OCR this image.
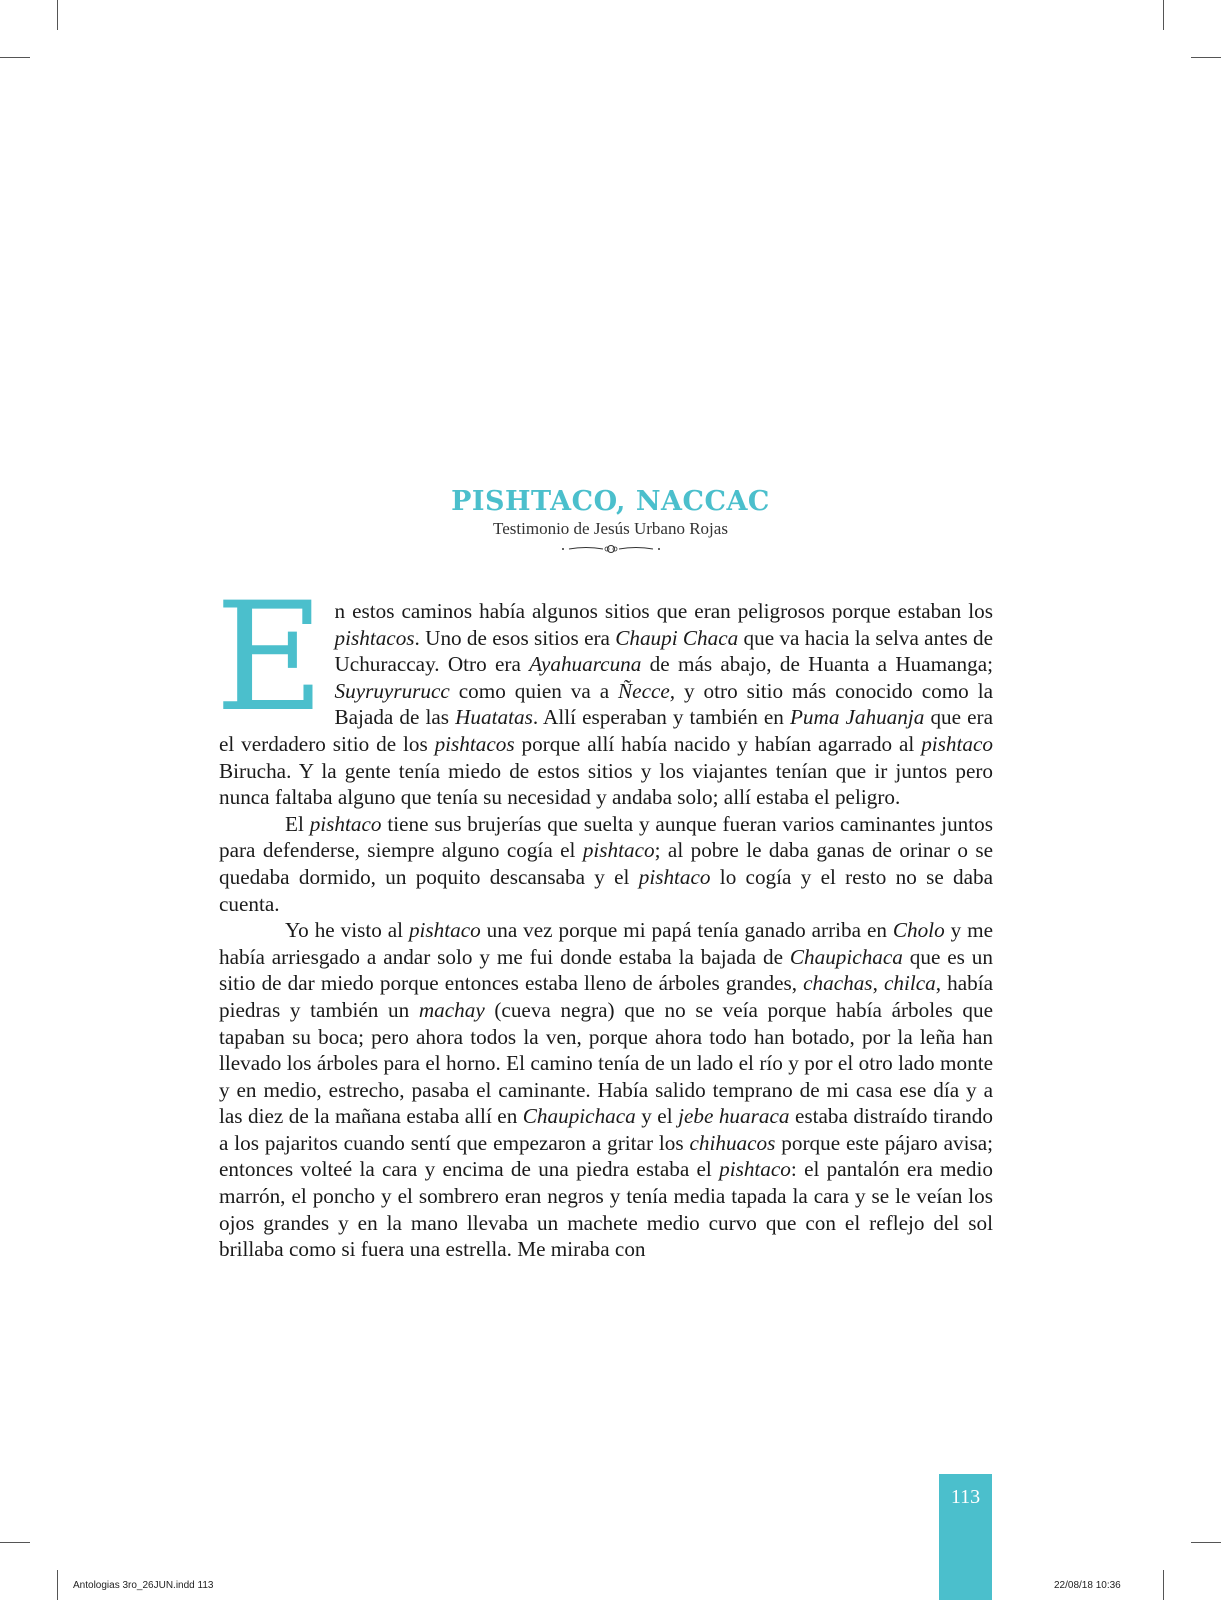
PISHTACO, NACCAC
Testimonio de Jesús Urbano Rojas

En estos caminos había algunos sitios que eran peligrosos porque estaban los pishtacos. Uno de esos sitios era Chaupi Chaca que va hacia la selva antes de Uchuraccay. Otro era Ayahuarcuna de más abajo, de Huanta a Huamanga; Suyruyrurucc como quien va a Ñecce, y otro sitio más conocido como la Bajada de las Huatatas. Allí esperaban y también en Puma Jahuanja que era el verdadero sitio de los pishtacos porque allí había nacido y habían agarrado al pishtaco Birucha. Y la gente tenía miedo de estos sitios y los viajantes tenían que ir juntos pero nunca faltaba alguno que tenía su necesidad y andaba solo; allí estaba el peligro.

El pishtaco tiene sus brujerías que suelta y aunque fueran varios caminantes juntos para defenderse, siempre alguno cogía el pishtaco; al pobre le daba ganas de orinar o se quedaba dormido, un poquito descansaba y el pishtaco lo cogía y el resto no se daba cuenta.

Yo he visto al pishtaco una vez porque mi papá tenía ganado arriba en Cholo y me había arriesgado a andar solo y me fui donde estaba la bajada de Chaupichaca que es un sitio de dar miedo porque entonces estaba lleno de árboles grandes, chachas, chilca, había piedras y también un machay (cueva negra) que no se veía porque había árboles que tapaban su boca; pero ahora todos la ven, porque ahora todo han botado, por la leña han llevado los árboles para el horno. El camino tenía de un lado el río y por el otro lado monte y en medio, estrecho, pasaba el caminante. Había salido temprano de mi casa ese día y a las diez de la mañana estaba allí en Chaupichaca y el jebe huaraca estaba distraído tirando a los pajaritos cuando sentí que empezaron a gritar los chihuacos porque este pájaro avisa; entonces volteé la cara y encima de una piedra estaba el pishtaco: el pantalón era medio marrón, el poncho y el sombrero eran negros y tenía media tapada la cara y se le veían los ojos grandes y en la mano llevaba un machete medio curvo que con el reflejo del sol brillaba como si fuera una estrella. Me miraba con

113
Antologias 3ro_26JUN.indd 113	22/08/18 10:36
